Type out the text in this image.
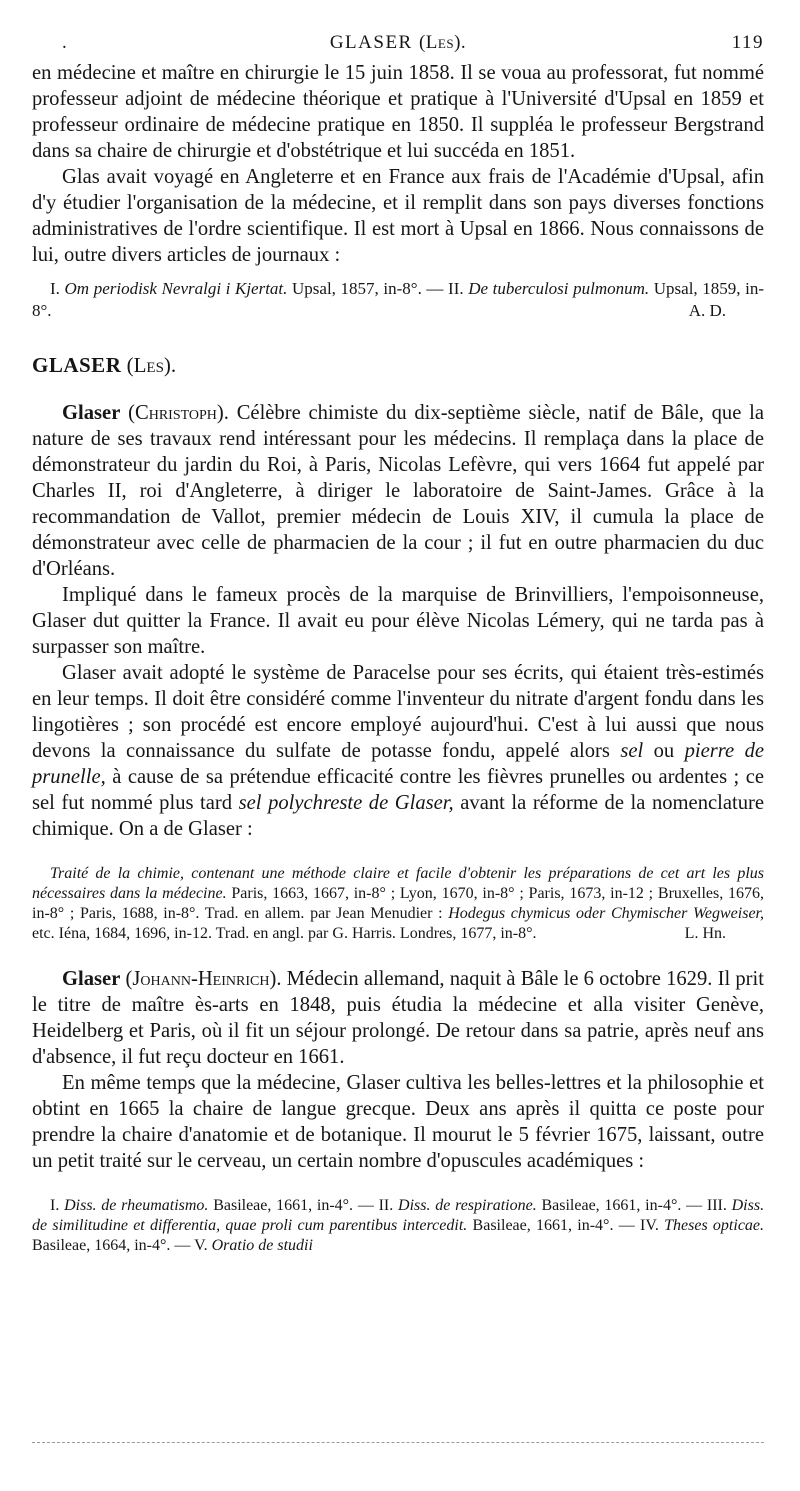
.	GLASER (Les).	119

en médecine et maître en chirurgie le 15 juin 1858. Il se voua au professorat, fut nommé professeur adjoint de médecine théorique et pratique à l'Université d'Upsal en 1859 et professeur ordinaire de médecine pratique en 1850. Il suppléa le professeur Bergstrand dans sa chaire de chirurgie et d'obstétrique et lui succéda en 1851.

Glas avait voyagé en Angleterre et en France aux frais de l'Académie d'Upsal, afin d'y étudier l'organisation de la médecine, et il remplit dans son pays diverses fonctions administratives de l'ordre scientifique. Il est mort à Upsal en 1866. Nous connaissons de lui, outre divers articles de journaux :

I. Om periodisk Nevralgi i Kjertat. Upsal, 1857, in-8°. — II. De tuberculosi pulmonum. Upsal, 1859, in-8°.	A. D.

GLASER (Les).

Glaser (Christoph). Célèbre chimiste du dix-septième siècle, natif de Bâle, que la nature de ses travaux rend intéressant pour les médecins. Il remplaça dans la place de démonstrateur du jardin du Roi, à Paris, Nicolas Lefèvre, qui vers 1664 fut appelé par Charles II, roi d'Angleterre, à diriger le laboratoire de Saint-James. Grâce à la recommandation de Vallot, premier médecin de Louis XIV, il cumula la place de démonstrateur avec celle de pharmacien de la cour ; il fut en outre pharmacien du duc d'Orléans.

Impliqué dans le fameux procès de la marquise de Brinvilliers, l'empoisonneuse, Glaser dut quitter la France. Il avait eu pour élève Nicolas Lémery, qui ne tarda pas à surpasser son maître.

Glaser avait adopté le système de Paracelse pour ses écrits, qui étaient très-estimés en leur temps. Il doit être considéré comme l'inventeur du nitrate d'argent fondu dans les lingotières ; son procédé est encore employé aujourd'hui. C'est à lui aussi que nous devons la connaissance du sulfate de potasse fondu, appelé alors sel ou pierre de prunelle, à cause de sa prétendue efficacité contre les fièvres prunelles ou ardentes ; ce sel fut nommé plus tard sel polychreste de Glaser, avant la réforme de la nomenclature chimique. On a de Glaser :

Traité de la chimie, contenant une méthode claire et facile d'obtenir les préparations de cet art les plus nécessaires dans la médecine. Paris, 1663, 1667, in-8° ; Lyon, 1670, in-8° ; Paris, 1673, in-12 ; Bruxelles, 1676, in-8° ; Paris, 1688, in-8°. Trad. en allem. par Jean Menudier : Hodegus chymicus oder Chymischer Wegweiser, etc. Iéna, 1684, 1696, in-12. Trad. en angl. par G. Harris. Londres, 1677, in-8°.	L. Hn.

Glaser (Johann-Heinrich). Médecin allemand, naquit à Bâle le 6 octobre 1629. Il prit le titre de maître ès-arts en 1848, puis étudia la médecine et alla visiter Genève, Heidelberg et Paris, où il fit un séjour prolongé. De retour dans sa patrie, après neuf ans d'absence, il fut reçu docteur en 1661.

En même temps que la médecine, Glaser cultiva les belles-lettres et la philosophie et obtint en 1665 la chaire de langue grecque. Deux ans après il quitta ce poste pour prendre la chaire d'anatomie et de botanique. Il mourut le 5 février 1675, laissant, outre un petit traité sur le cerveau, un certain nombre d'opuscules académiques :

I. Diss. de rheumatismo. Basileae, 1661, in-4°. — II. Diss. de respiratione. Basileae, 1661, in-4°. — III. Diss. de similitudine et differentia, quae proli cum parentibus intercedit. Basileae, 1661, in-4°. — IV. Theses opticae. Basileae, 1664, in-4°. — V. Oratio de studii
